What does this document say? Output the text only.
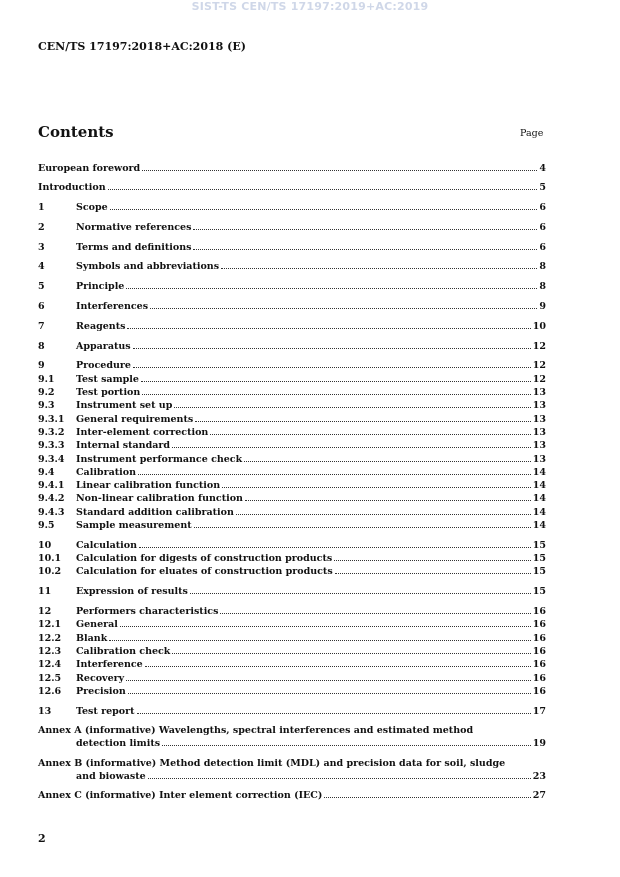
SIST-TS CEN/TS 17197:2019+AC:2019
CEN/TS 17197:2018+AC:2018 (E)
Contents	Page
European foreword	4
Introduction	5
1	Scope	6
2	Normative references	6
3	Terms and definitions	6
4	Symbols and abbreviations	8
5	Principle	8
6	Interferences	9
7	Reagents	10
8	Apparatus	12
9	Procedure	12
9.1 Test sample	12
9.2 Test portion	13
9.3 Instrument set up	13
9.3.1 General requirements	13
9.3.2 Inter-element correction	13
9.3.3 Internal standard	13
9.3.4 Instrument performance check	13
9.4 Calibration	14
9.4.1 Linear calibration function	14
9.4.2 Non-linear calibration function	14
9.4.3 Standard addition calibration	14
9.5 Sample measurement	14
10	Calculation	15
10.1 Calculation for digests of construction products	15
10.2 Calculation for eluates of construction products	15
11	Expression of results	15
12	Performers characteristics	16
12.1 General	16
12.2 Blank	16
12.3 Calibration check	16
12.4 Interference	16
12.5 Recovery	16
12.6 Precision	16
13	Test report	17
Annex A (informative) Wavelengths, spectral interferences and estimated method
detection limits	19
Annex B (informative) Method detection limit (MDL) and precision data for soil, sludge
and biowaste	23
Annex C (informative) Inter element correction (IEC)	27
2
